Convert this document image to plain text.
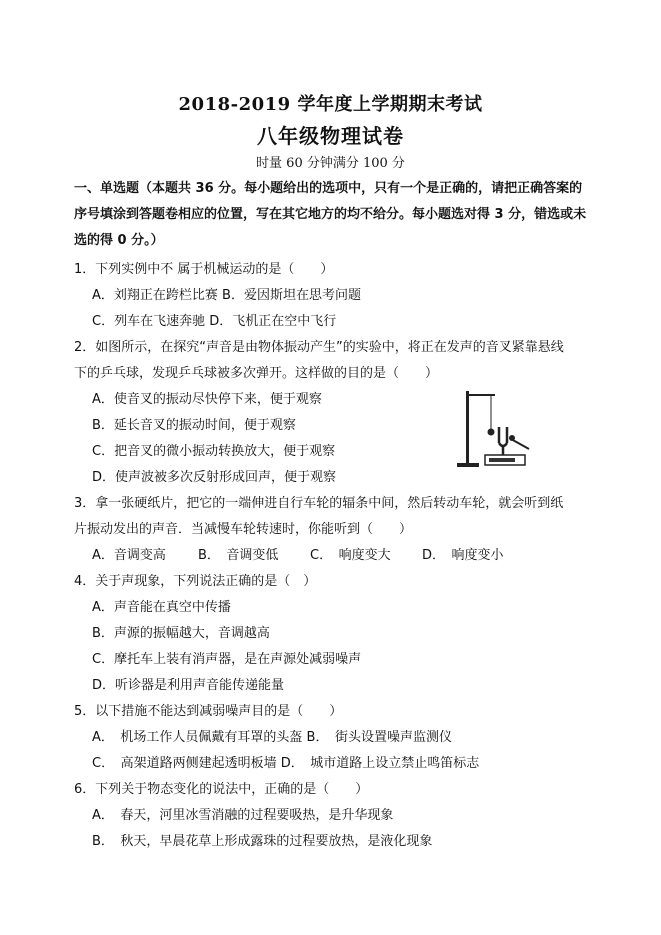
2018-2019 学年度上学期期末考试
八年级物理试卷
时量 60 分钟满分 100 分
一、单选题（本题共 36 分。每小题给出的选项中，只有一个是正确的，请把正确答案的序号填涂到答题卷相应的位置，写在其它地方的均不给分。每小题选对得 3 分，错选或未选的得 0 分。）
1．下列实例中不 属于机械运动的是（　　）
A．刘翔正在跨栏比赛 B．爱因斯坦在思考问题
C．列车在飞速奔驰 D．飞机正在空中飞行
2．如图所示，在探究“声音是由物体振动产生”的实验中，将正在发声的音叉紧靠悬线
下的乒乓球，发现乒乓球被多次弹开。这样做的目的是（　　）
A．使音叉的振动尽快停下来，便于观察
B．延长音叉的振动时间，便于观察
C．把音叉的微小振动转换放大，便于观察
D．使声波被多次反射形成回声，便于观察
3．拿一张硬纸片，把它的一端伸进自行车轮的辐条中间，然后转动车轮，就会听到纸
片振动发出的声音．当减慢车轮转速时，你能听到（　　）
A．音调变高 B．　音调变低 C．　响度变大 D．　响度变小
4．关于声现象，下列说法正确的是（　）
A．声音能在真空中传播
B．声源的振幅越大，音调越高
C．摩托车上装有消声器，是在声源处减弱噪声
D．听诊器是利用声音能传递能量
5．以下措施不能达到减弱噪声目的是（　　）
A．　机场工作人员佩戴有耳罩的头盔 B．　街头设置噪声监测仪
C．　高架道路两侧建起透明板墙 D．　城市道路上设立禁止鸣笛标志
6．下列关于物态变化的说法中，正确的是（　　）
A．　春天，河里冰雪消融的过程要吸热，是升华现象
B．　秋天，早晨花草上形成露珠的过程要放热，是液化现象
